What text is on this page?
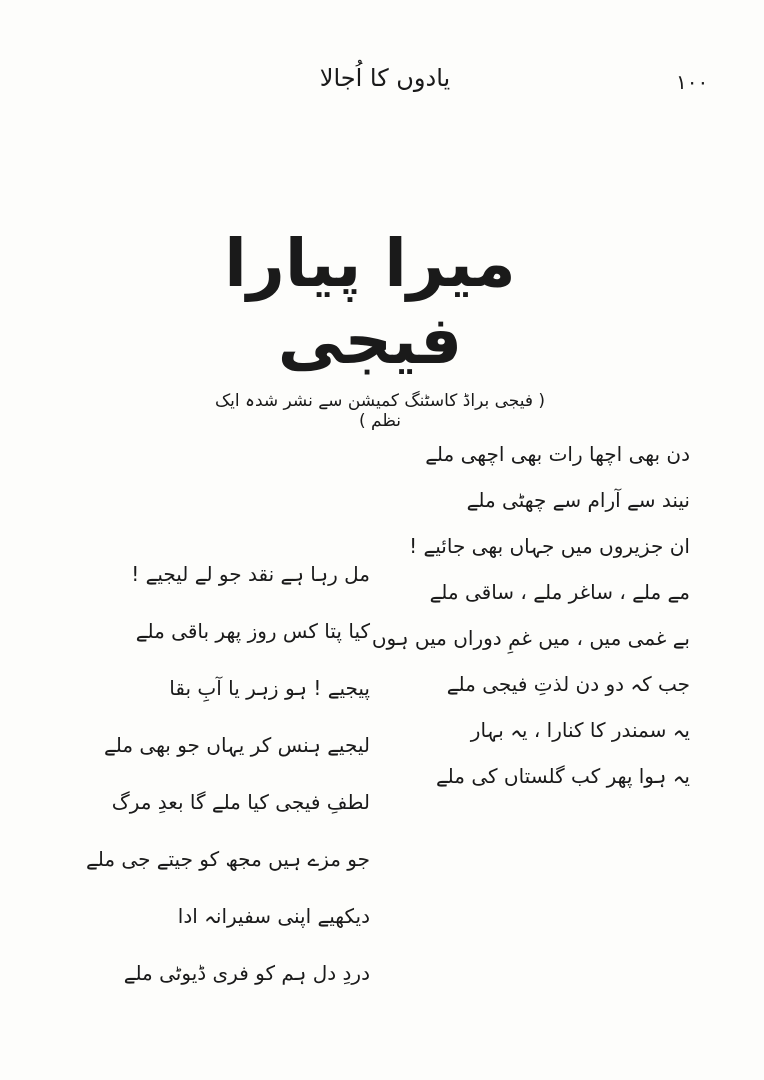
۱۰۰
یادوں کا اُجالا
میرا پیارا فیجی
( فیجی براڈ کاسٹنگ کمیشن سے نشر شدہ ایک نظم )
دن بھی اچھا رات بھی اچھی ملے
نیند سے آرام سے چھٹی ملے
ان جزیروں میں جہاں بھی جائیے !
مے ملے ، ساغر ملے ، ساقی ملے
بے غمی میں ، میں غمِ دوراں میں ہوں
جب کہ دو دن لذتِ فیجی ملے
یہ سمندر کا کنارا ، یہ بہار
یہ ہوا پھر کب گلستاں کی ملے
مل رہا ہے نقد جو لے لیجیے !
کیا پتا کس روز پھر باقی ملے
پیجیے ! ہو زہر یا آبِ بقا
لیجیے ہنس کر یہاں جو بھی ملے
لطفِ فیجی کیا ملے گا بعدِ مرگ
جو مزے ہیں مجھ کو جیتے جی ملے
دیکھیے اپنی سفیرانہ ادا
دردِ دل ہم کو فری ڈیوٹی ملے
